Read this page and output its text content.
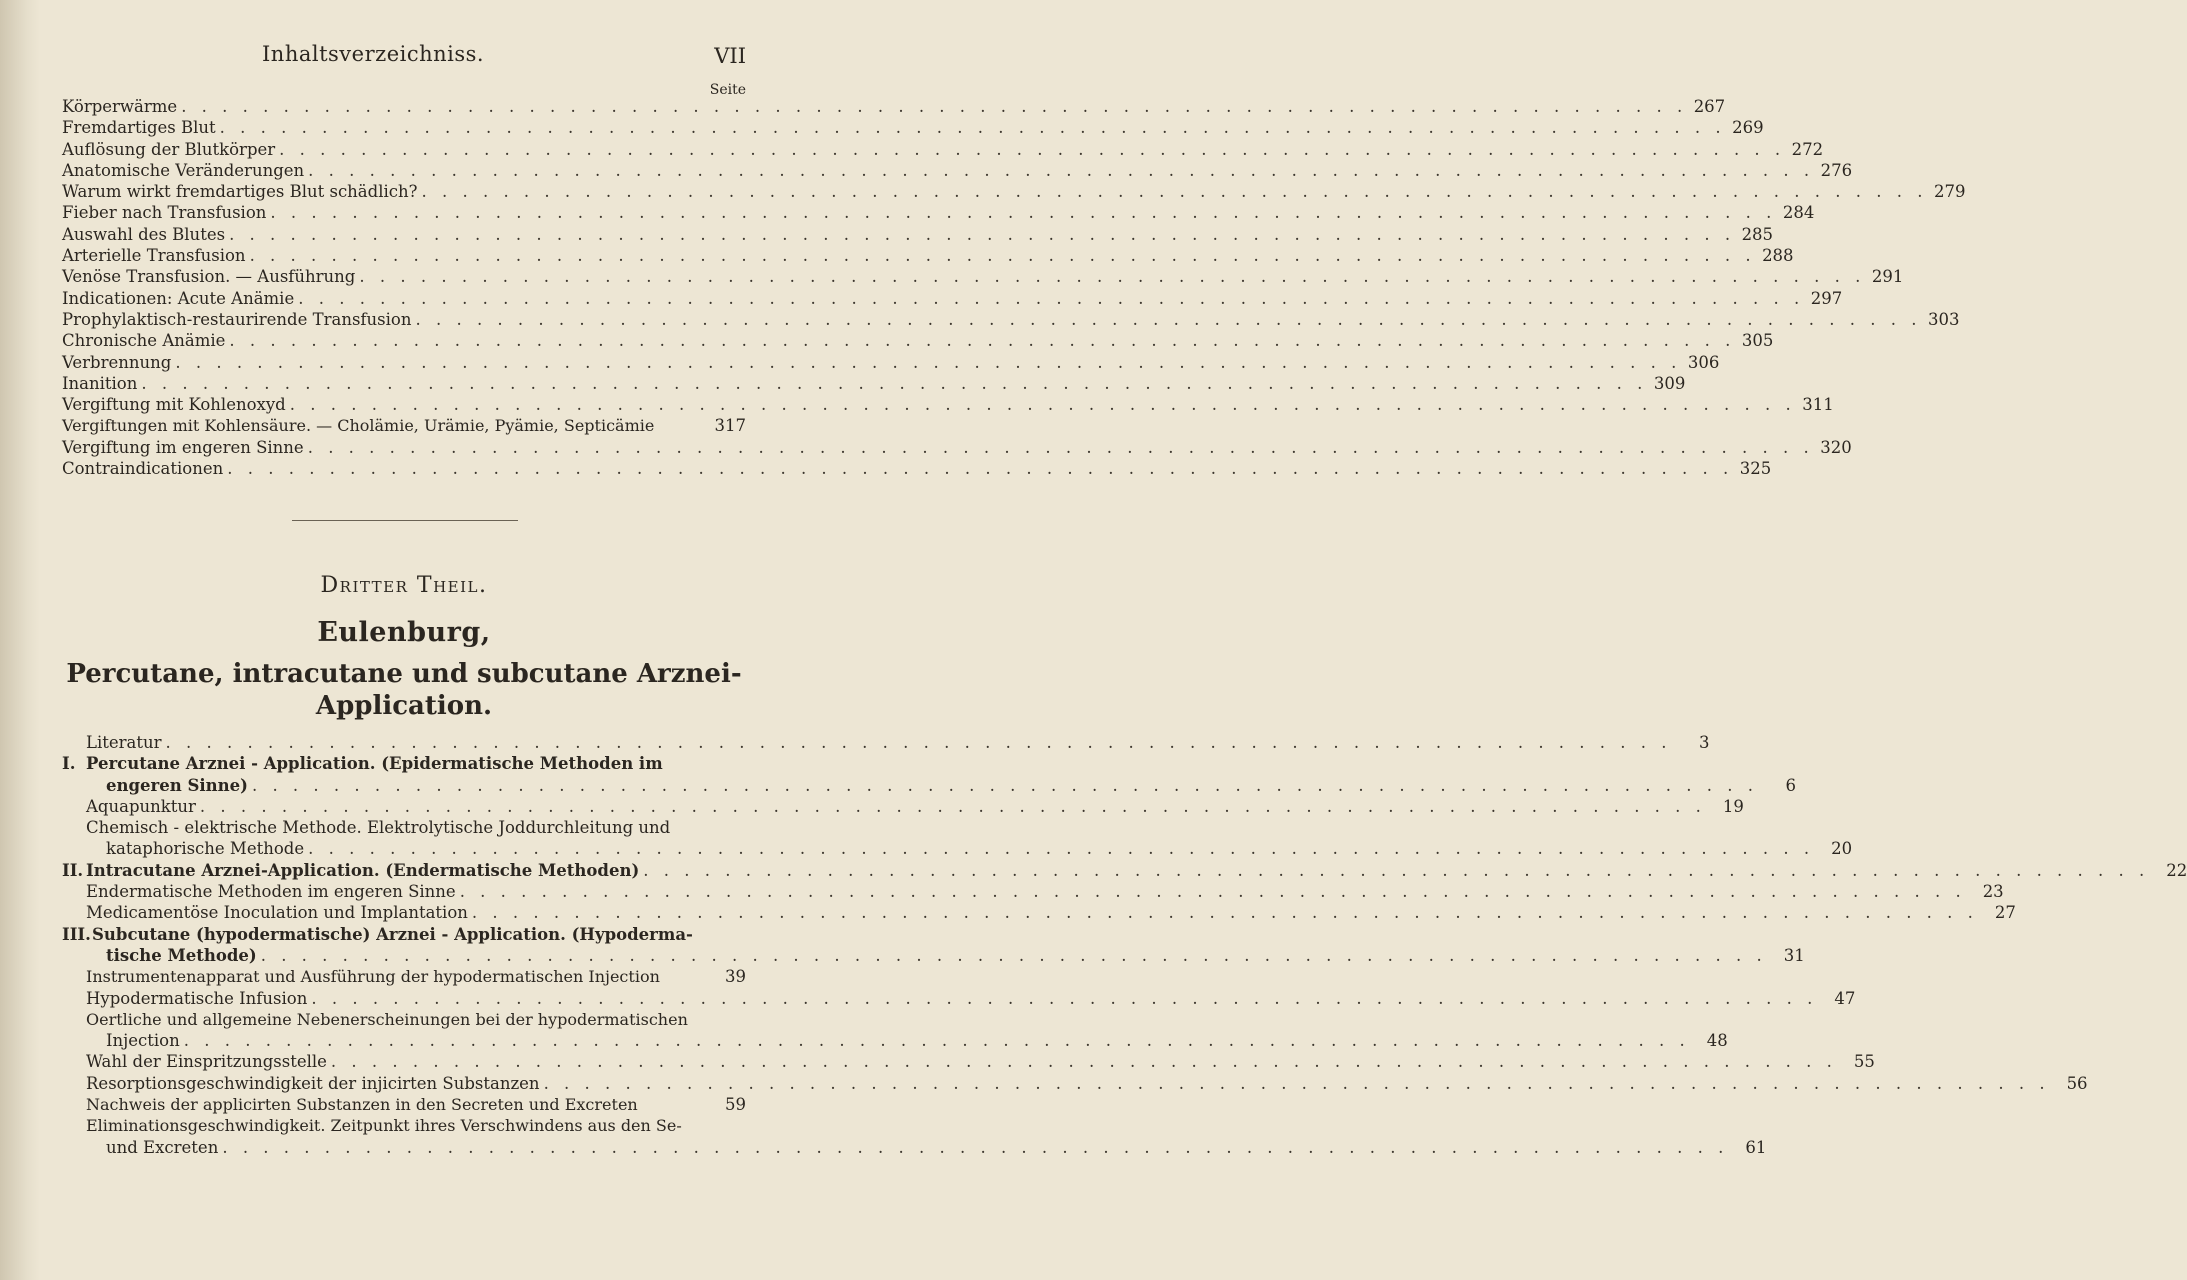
Inhaltsverzeichniss.	VII
Seite
Körperwärme . . .	267
Fremdartiges Blut . . .	269
Auflösung der Blutkörper . . .	272
Anatomische Veränderungen . . .	276
Warum wirkt fremdartiges Blut schädlich? . . .	279
Fieber nach Transfusion . . .	284
Auswahl des Blutes . . .	285
Arterielle Transfusion . . .	288
Venöse Transfusion. — Ausführung . . .	291
Indicationen: Acute Anämie . . .	297
Prophylaktisch-restaurirende Transfusion . . .	303
Chronische Anämie . . .	305
Verbrennung . . .	306
Inanition . . .	309
Vergiftung mit Kohlenoxyd . . .	311
Vergiftungen mit Kohlensäure. — Cholämie, Urämie, Pyämie, Septicämie	317
Vergiftung im engeren Sinne . . .	320
Contraindicationen . . .	325
Dritter Theil.
Eulenburg,
Percutane, intracutane und subcutane Arznei-
Application.
Literatur . . .	3
I. Percutane Arznei - Application. (Epidermatische Methoden im
engeren Sinne) . . .	6
Aquapunktur . . .	19
Chemisch - elektrische Methode. Elektrolytische Joddurchleitung und
kataphorische Methode . . .	20
II. Intracutane Arznei-Application. (Endermatische Methoden) . . .	22
Endermatische Methoden im engeren Sinne . . .	23
Medicamentöse Inoculation und Implantation . . .	27
III.Subcutane (hypodermatische) Arznei - Application. (Hypoderma-
tische Methode) . . .	31
Instrumentenapparat und Ausführung der hypodermatischen Injection	39
Hypodermatische Infusion . . .	47
Oertliche und allgemeine Nebenerscheinungen bei der hypodermatischen
Injection . . .	48
Wahl der Einspritzungsstelle . . .	55
Resorptionsgeschwindigkeit der injicirten Substanzen . . .	56
Nachweis der applicirten Substanzen in den Secreten und Excreten	59
Eliminationsgeschwindigkeit. Zeitpunkt ihres Verschwindens aus den Se-
und Excreten . . .	61
